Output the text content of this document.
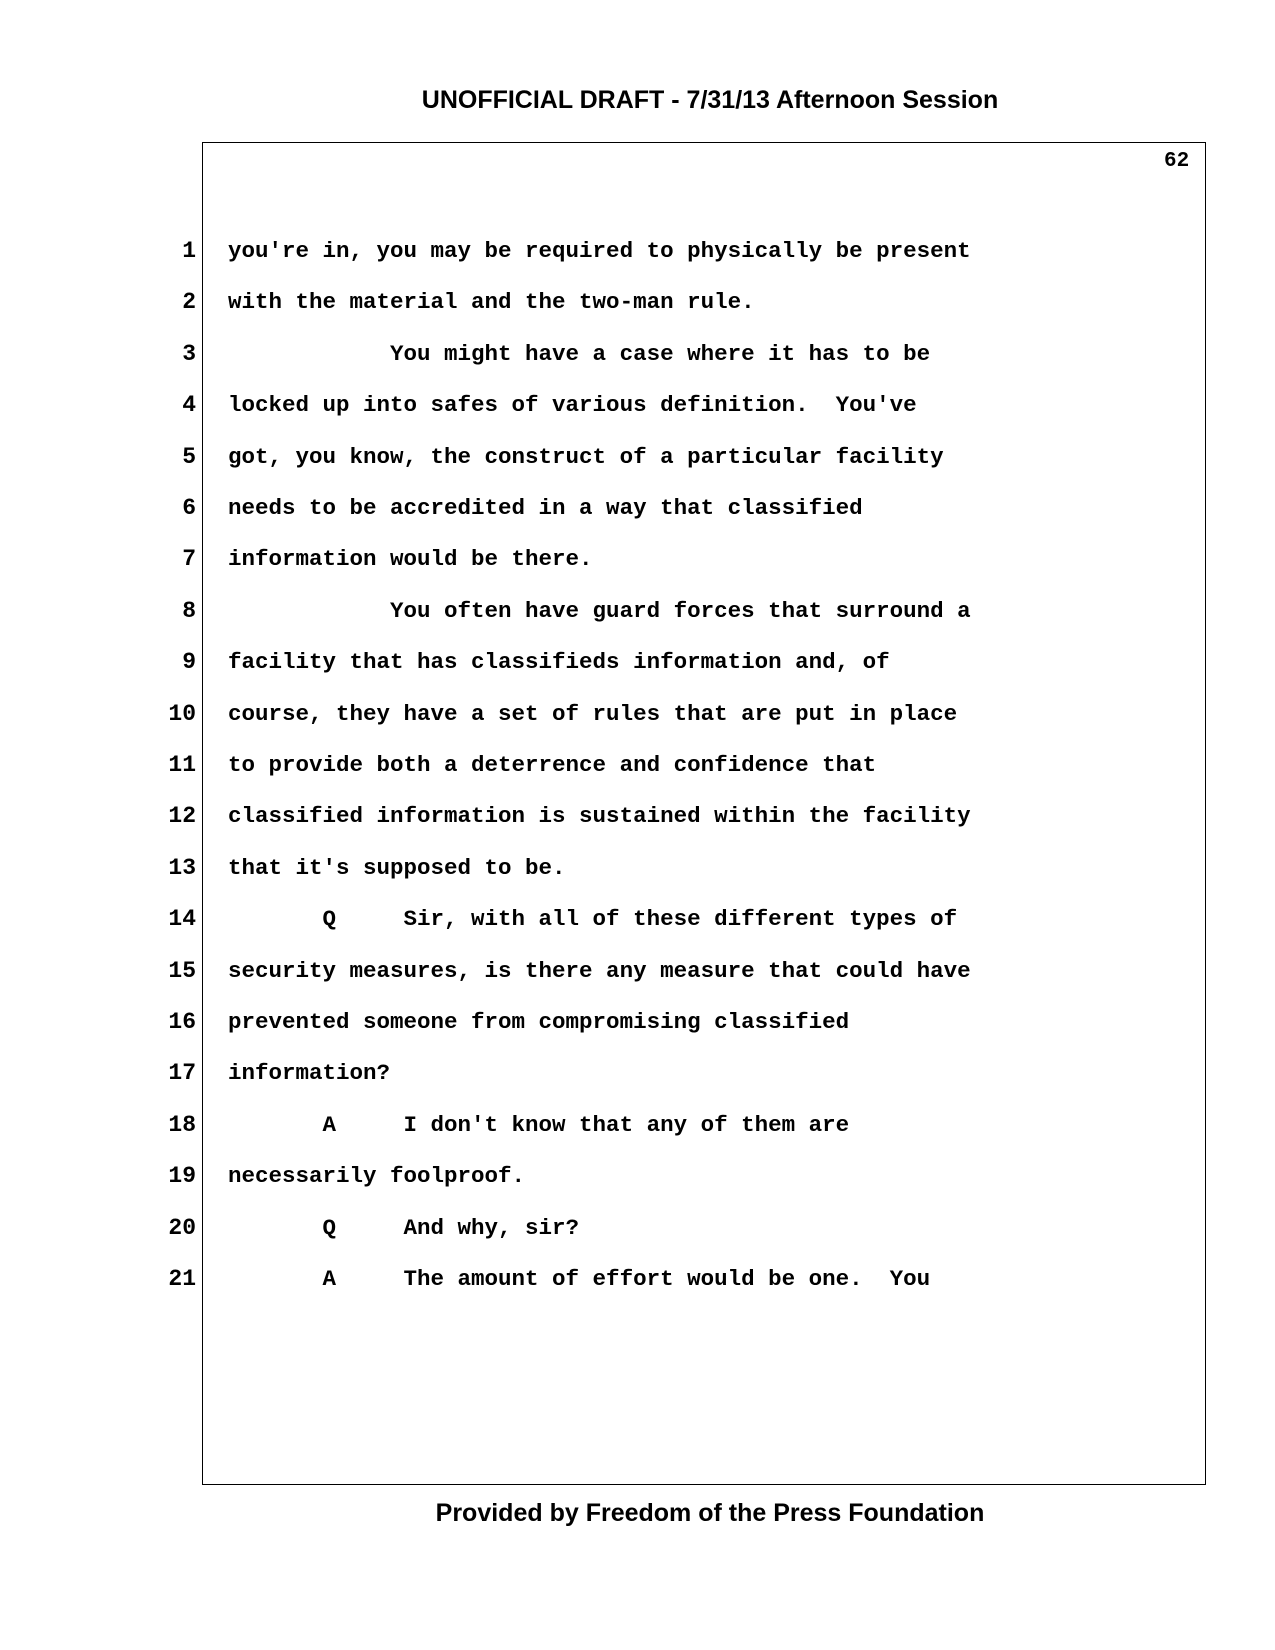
UNOFFICIAL DRAFT - 7/31/13 Afternoon Session
62
1 you're in, you may be required to physically be present
2 with the material and the two-man rule.
3 You might have a case where it has to be
4 locked up into safes of various definition.  You've
5 got, you know, the construct of a particular facility
6 needs to be accredited in a way that classified
7 information would be there.
8 You often have guard forces that surround a
9 facility that has classifieds information and, of
10 course, they have a set of rules that are put in place
11 to provide both a deterrence and confidence that
12 classified information is sustained within the facility
13 that it's supposed to be.
14 Q     Sir, with all of these different types of
15 security measures, is there any measure that could have
16 prevented someone from compromising classified
17 information?
18 A     I don't know that any of them are
19 necessarily foolproof.
20 Q     And why, sir?
21 A     The amount of effort would be one.  You
Provided by Freedom of the Press Foundation
